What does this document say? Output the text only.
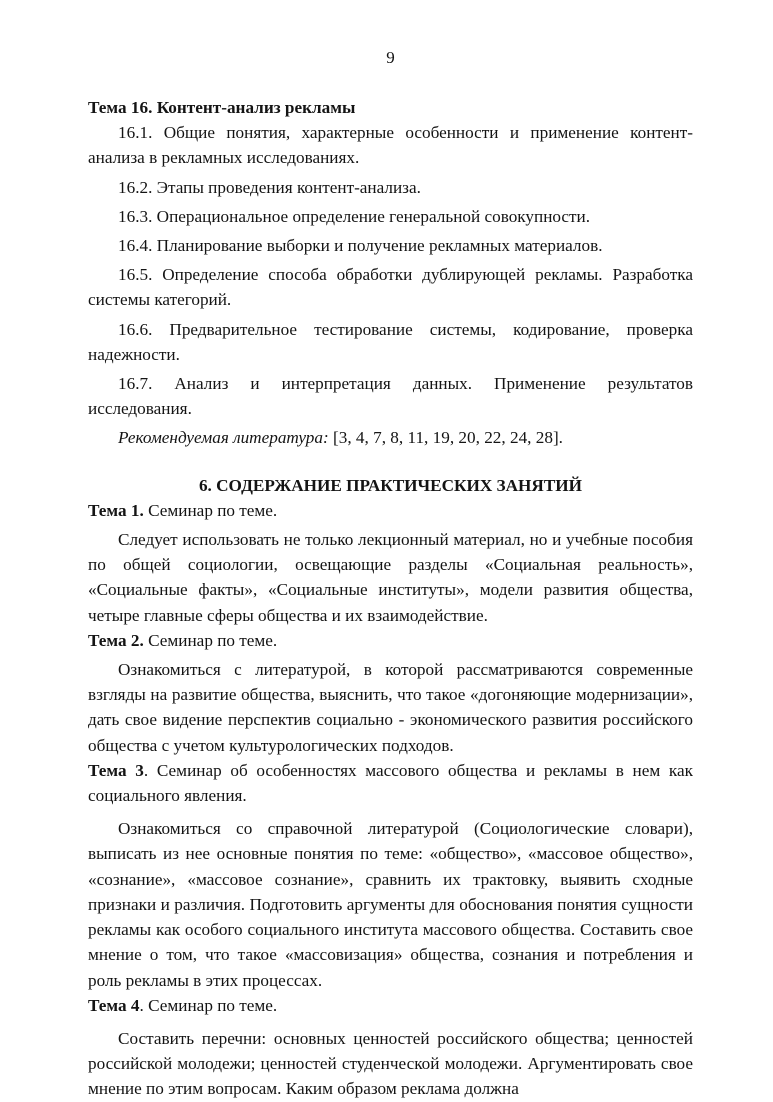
9

Тема 16. Контент-анализ рекламы

16.1. Общие понятия, характерные особенности и применение контент-анализа в рекламных исследованиях.

16.2. Этапы проведения контент-анализа.

16.3. Операциональное определение генеральной совокупности.

16.4. Планирование выборки и получение рекламных материалов.

16.5. Определение способа обработки дублирующей рекламы. Разработка системы категорий.

16.6. Предварительное тестирование системы, кодирование, проверка надежности.

16.7. Анализ и интерпретация данных. Применение результатов исследования.

Рекомендуемая литература: [3, 4, 7, 8, 11, 19, 20, 22, 24, 28].

6. СОДЕРЖАНИЕ ПРАКТИЧЕСКИХ ЗАНЯТИЙ

Тема 1. Семинар по теме.

Следует использовать не только лекционный материал, но и учебные пособия по общей социологии, освещающие разделы «Социальная реальность», «Социальные факты», «Социальные институты», модели развития общества, четыре главные сферы общества и их взаимодействие.

Тема 2. Семинар по теме.

Ознакомиться с литературой, в которой рассматриваются современные взгляды на развитие общества, выяснить, что такое «догоняющие модернизации», дать свое видение перспектив социально - экономического развития российского общества с учетом культурологических подходов.

Тема 3. Семинар об особенностях массового общества и рекламы в нем как социального явления.

Ознакомиться со справочной литературой (Социологические словари), выписать из нее основные понятия по теме: «общество», «массовое общество», «сознание», «массовое сознание», сравнить их трактовку, выявить сходные признаки и различия. Подготовить аргументы для обоснования понятия сущности рекламы как особого социального института массового общества. Составить свое мнение о том, что такое «массовизация» общества, сознания и потребления и роль рекламы в этих процессах.

Тема 4. Семинар по теме.

Составить перечни: основных ценностей российского общества; ценностей российской молодежи; ценностей студенческой молодежи. Аргументировать свое мнение по этим вопросам. Каким образом реклама должна
